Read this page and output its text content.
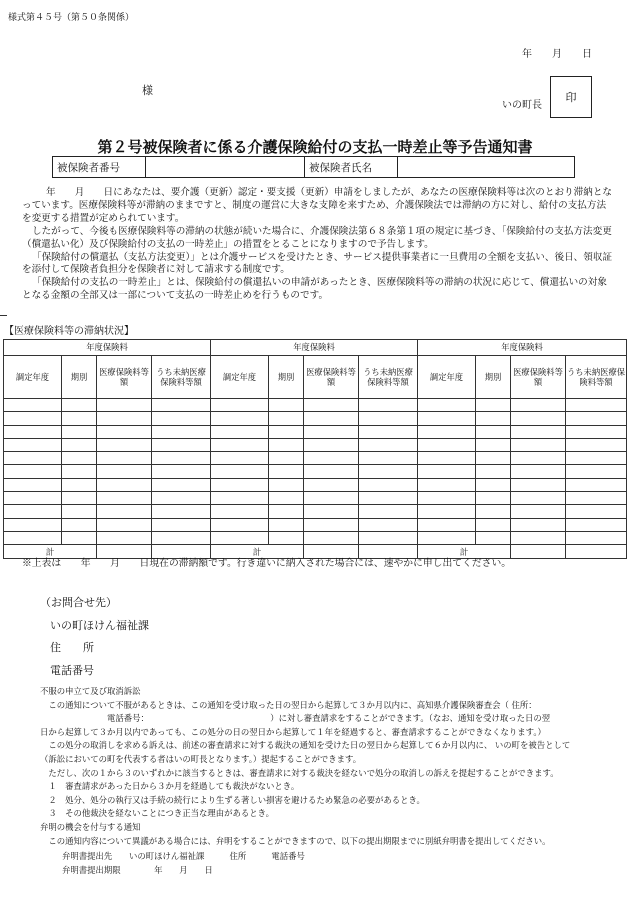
様式第４５号（第５０条関係）
年　　月　　日
様
いの町長
印
第２号被保険者に係る介護保険給付の支払一時差止等予告通知書
被保険者番号		被保険者氏名	

年　　月　　日にあなたは、要介護（更新）認定・要支援（更新）申請をしましたが、あなたの医療保険料等は次のとおり滞納となっています。医療保険料等が滞納のままですと、制度の運営に大きな支障を来すため、介護保険法では滞納の方に対し、給付の支払方法を変更する措置が定められています。

したがって、今後も医療保険料等の滞納の状態が続いた場合に、介護保険法第６８条第１項の規定に基づき、「保険給付の支払方法変更（償還払い化）及び保険給付の支払の一時差止」の措置をとることになりますので予告します。

「保険給付の償還払（支払方法変更）」とは介護サービスを受けたとき、サービス提供事業者に一旦費用の全額を支払い、後日、領収証を添付して保険者負担分を保険者に対して請求する制度です。

「保険給付の支払の一時差止」とは、保険給付の償還払いの申請があったとき、医療保険料等の滞納の状況に応じて、償還払いの対象となる金額の全部又は一部について支払の一時差止めを行うものです。

【医療保険料等の滞納状況】
年度保険料				年度保険料				年度保険料			
調定年度	期別	医療保険料等額	うち未納医療保険料等額	調定年度	期別	医療保険料等額	うち未納医療保険料等額	調定年度	期別	医療保険料等額	うち未納医療保険料等額

計				計				計			
※上表は　　年　　月　　日現在の滞納額です。行き違いに納入された場合には、速やかに申し出てください。
（お問合せ先）
いの町ほけん福祉課
住　　所
電話番号
不服の申立て及び取消訴訟
　この通知について不服があるときは、この通知を受け取った日の翌日から起算して３か月以内に、高知県介護保険審査会（ 住所：
　　　　　　　　電話番号：　　　　　　　　　　　　　　　）に対し審査請求をすることができます。（なお、通知を受け取った日の翌
日から起算して３か月以内であっても、この処分の日の翌日から起算して１年を経過すると、審査請求することができなくなります。）
　この処分の取消しを求める訴えは、前述の審査請求に対する裁決の通知を受けた日の翌日から起算して６か月以内に、 いの町を被告として
（訴訟においての町を代表する者はいの町長となります。）提起することができます。
　ただし、次の１から３のいずれかに該当するときは、審査請求に対する裁決を経ないで処分の取消しの訴えを提起することができます。
　１　審査請求があった日から３か月を経過しても裁決がないとき。
　２　処分、処分の執行又は手続の続行により生ずる著しい損害を避けるため緊急の必要があるとき。
　３　その他裁決を経ないことにつき正当な理由があるとき。
弁明の機会を付与する通知
　この通知内容について異議がある場合には、弁明をすることができますので、以下の提出期限までに別紙弁明書を提出してください。
弁明書提出先　　いの町ほけん福祉課　　　住所　　　電話番号
弁明書提出期限　　　　年　　月　　日
